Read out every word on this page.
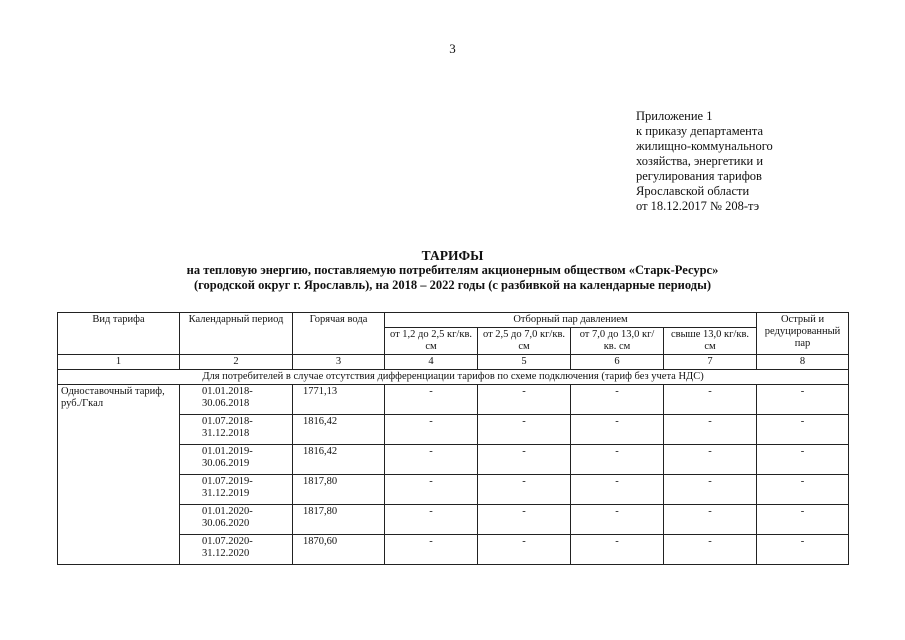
3
Приложение 1
к приказу департамента
жилищно-коммунального
хозяйства, энергетики и
регулирования тарифов
Ярославской области
от 18.12.2017 № 208-тэ
ТАРИФЫ
на тепловую энергию, поставляемую потребителям акционерным обществом «Старк-Ресурс»
(городской округ г. Ярославль), на 2018 – 2022 годы (с разбивкой на календарные периоды)
Вид тарифа	Календарный период	Горячая вода	Отборный пар давлением				Острый и редуцированный пар
			от 1,2 до 2,5 кг/кв. см	от 2,5 до 7,0 кг/кв. см	от 7,0 до 13,0 кг/кв. см	свыше 13,0 кг/кв. см	
1	2	3	4	5	6	7	8
Для потребителей в случае отсутствия дифференциации тарифов по схеме подключения (тариф без учета НДС)							
Одноставочный тариф, руб./Гкал	01.01.2018-30.06.2018	1771,13	-	-	-	-	-
	01.07.2018-31.12.2018	1816,42	-	-	-	-	-
	01.01.2019-30.06.2019	1816,42	-	-	-	-	-
	01.07.2019-31.12.2019	1817,80	-	-	-	-	-
	01.01.2020-30.06.2020	1817,80	-	-	-	-	-
	01.07.2020-31.12.2020	1870,60	-	-	-	-	-
